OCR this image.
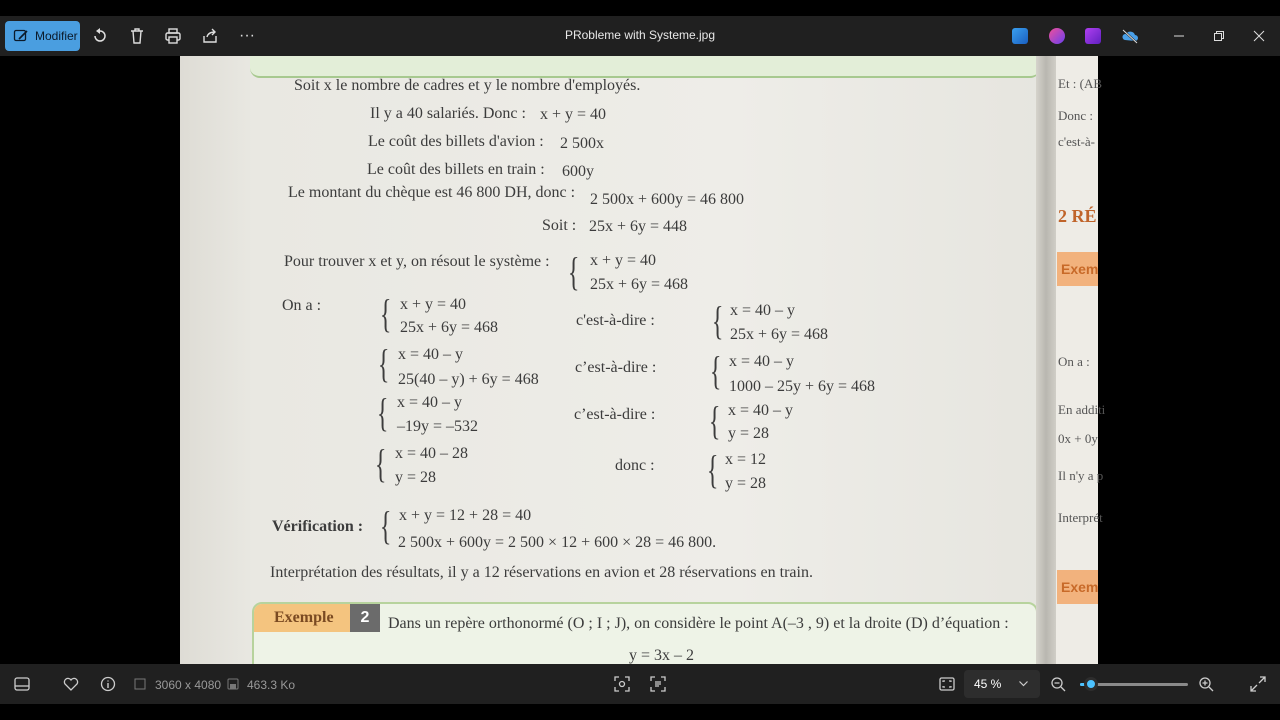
Modifier	···	PRobleme with Systeme.jpg
Soit x le nombre de cadres et y le nombre d'employés.
Il y a 40 salariés. Donc : x + y = 40
Le coût des billets d'avion : 2 500x
Le coût des billets en train : 600y
Le montant du chèque est 46 800 DH, donc : 2 500x + 600y = 46 800
Soit : 25x + 6y = 448
Pour trouver x et y, on résout le système : { x + y = 40
25x + 6y = 468
On a : { x + y = 40
25x + 6y = 468	c'est-à-dire : { x = 40 – y
25x + 6y = 468
{ x = 40 – y
25(40 – y) + 6y = 468
c’est-à-dire : { x = 40 – y
1000 – 25y + 6y = 468
{ x = 40 – y
–19y = –532
c’est-à-dire : { x = 40 – y
y = 28
{ x = 40 – 28
y = 28
donc : { x = 12
y = 28
Vérification : { x + y = 12 + 28 = 40
2 500x + 600y = 2 500 × 12 + 600 × 28 = 46 800.
Interprétation des résultats, il y a 12 réservations en avion et 28 réservations en train.
Exemple	2	Dans un repère orthonormé (O ; I ; J), on considère le point A(–3 , 9) et la droite (D) d’équation :
y = 3x – 2
Et : (AB
Donc :
c'est-à-
2 RÉ
Exem
On a :
En additi
0x + 0y
Il n'y a p
Interprét
Exem
3060 x 4080 463.3 Ko	45 %
